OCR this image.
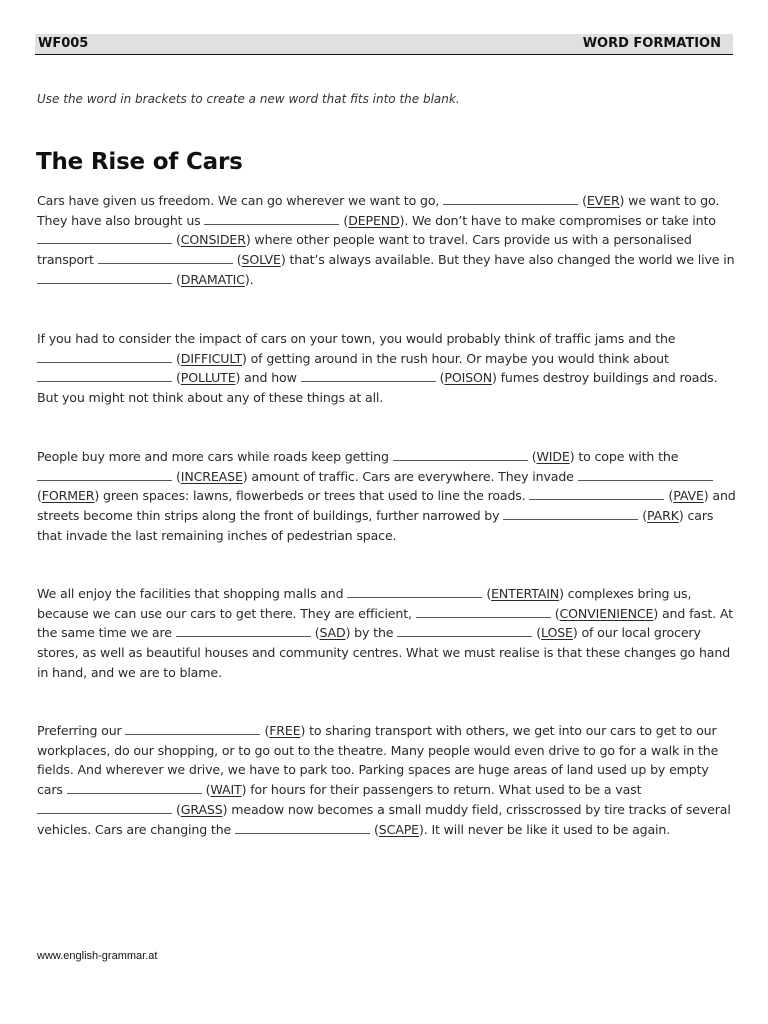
WF005	WORD FORMATION
Use the word in brackets to create a new word that fits into the blank.
The Rise of Cars

Cars have given us freedom. We can go wherever we want to go,	(EVER) we want to go. They have also brought us	(DEPEND). We don’t have to make compromises or take into (CONSIDER) where other people want to travel. Cars provide us with a personalised transport	(SOLVE) that’s always available. But they have also changed the world we live in (DRAMATIC).

If you had to consider the impact of cars on your town, you would probably think of traffic jams and the (DIFFICULT) of getting around in the rush hour. Or maybe you would think about (POLLUTE) and how	(POISON) fumes destroy buildings and roads. But you might not think about any of these things at all.

People buy more and more cars while roads keep getting	(WIDE) to cope with the (INCREASE) amount of traffic. Cars are everywhere. They invade (FORMER) green spaces: lawns, flowerbeds or trees that used to line the roads.	(PAVE) and streets become thin strips along the front of buildings, further narrowed by	(PARK) cars that invade the last remaining inches of pedestrian space.

We all enjoy the facilities that shopping malls and	(ENTERTAIN) complexes bring us, because we can use our cars to get there. They are efficient,	(CONVIENIENCE) and fast. At the same time we are	(SAD) by the	(LOSE) of our local grocery stores, as well as beautiful houses and community centres. What we must realise is that these changes go hand in hand, and we are to blame.

Preferring our	(FREE) to sharing transport with others, we get into our cars to get to our workplaces, do our shopping, or to go out to the theatre. Many people would even drive to go for a walk in the fields. And wherever we drive, we have to park too. Parking spaces are huge areas of land used up by empty cars	(WAIT) for hours for their passengers to return. What used to be a vast (GRASS) meadow now becomes a small muddy field, crisscrossed by tire tracks of several vehicles. Cars are changing the	(SCAPE). It will never be like it used to be again.

www.english-grammar.at
